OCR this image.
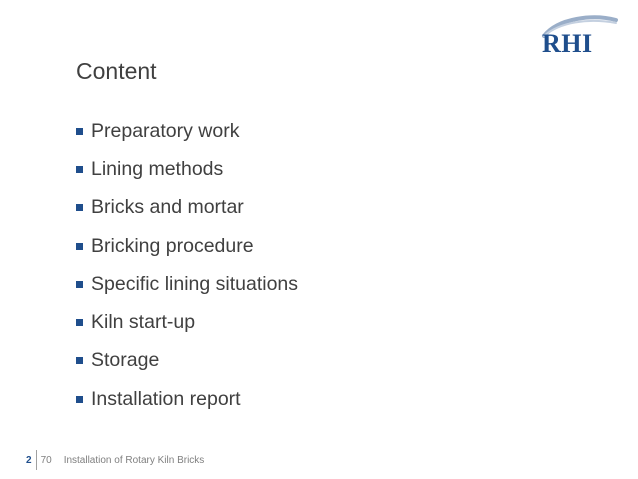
RHI
Content
Preparatory work
Lining methods
Bricks and mortar
Bricking procedure
Specific lining situations
Kiln start-up
Storage
Installation report
2 70 Installation of Rotary Kiln Bricks
